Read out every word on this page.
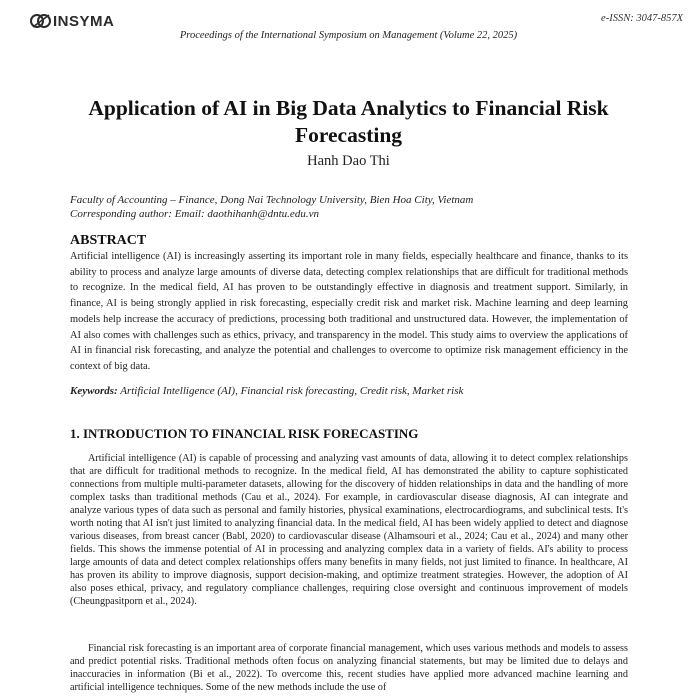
INSYMA	e-ISSN: 3047-857X
Proceedings of the International Symposium on Management (Volume 22, 2025)
Application of AI in Big Data Analytics to Financial Risk Forecasting
Hanh Dao Thi
Faculty of Accounting – Finance, Dong Nai Technology University, Bien Hoa City, Vietnam
Corresponding author: Email: daothihanh@dntu.edu.vn
ABSTRACT

Artificial intelligence (AI) is increasingly asserting its important role in many fields, especially healthcare and finance, thanks to its ability to process and analyze large amounts of diverse data, detecting complex relationships that are difficult for traditional methods to recognize. In the medical field, AI has proven to be outstandingly effective in diagnosis and treatment support. Similarly, in finance, AI is being strongly applied in risk forecasting, especially credit risk and market risk. Machine learning and deep learning models help increase the accuracy of predictions, processing both traditional and unstructured data. However, the implementation of AI also comes with challenges such as ethics, privacy, and transparency in the model. This study aims to overview the applications of AI in financial risk forecasting, and analyze the potential and challenges to overcome to optimize risk management efficiency in the context of big data.

Keywords: Artificial Intelligence (AI), Financial risk forecasting, Credit risk, Market risk
1. INTRODUCTION TO FINANCIAL RISK FORECASTING

Artificial intelligence (AI) is capable of processing and analyzing vast amounts of data, allowing it to detect complex relationships that are difficult for traditional methods to recognize. In the medical field, AI has demonstrated the ability to capture sophisticated connections from multiple multi-parameter datasets, allowing for the discovery of hidden relationships in data and the handling of more complex tasks than traditional methods (Cau et al., 2024). For example, in cardiovascular disease diagnosis, AI can integrate and analyze various types of data such as personal and family histories, physical examinations, electrocardiograms, and subclinical tests. It's worth noting that AI isn't just limited to analyzing financial data. In the medical field, AI has been widely applied to detect and diagnose various diseases, from breast cancer (Babl, 2020) to cardiovascular disease (Alhamsouri et al., 2024; Cau et al., 2024) and many other fields. This shows the immense potential of AI in processing and analyzing complex data in a variety of fields. AI's ability to process large amounts of data and detect complex relationships offers many benefits in many fields, not just limited to finance. In healthcare, AI has proven its ability to improve diagnosis, support decision-making, and optimize treatment strategies. However, the adoption of AI also poses ethical, privacy, and regulatory compliance challenges, requiring close oversight and continuous improvement of models (Cheungpasitporn et al., 2024).

Financial risk forecasting is an important area of corporate financial management, which uses various methods and models to assess and predict potential risks. Traditional methods often focus on analyzing financial statements, but may be limited due to delays and inaccuracies in information (Bi et al., 2022). To overcome this, recent studies have applied more advanced machine learning and artificial intelligence techniques. Some of the new methods include the use of
